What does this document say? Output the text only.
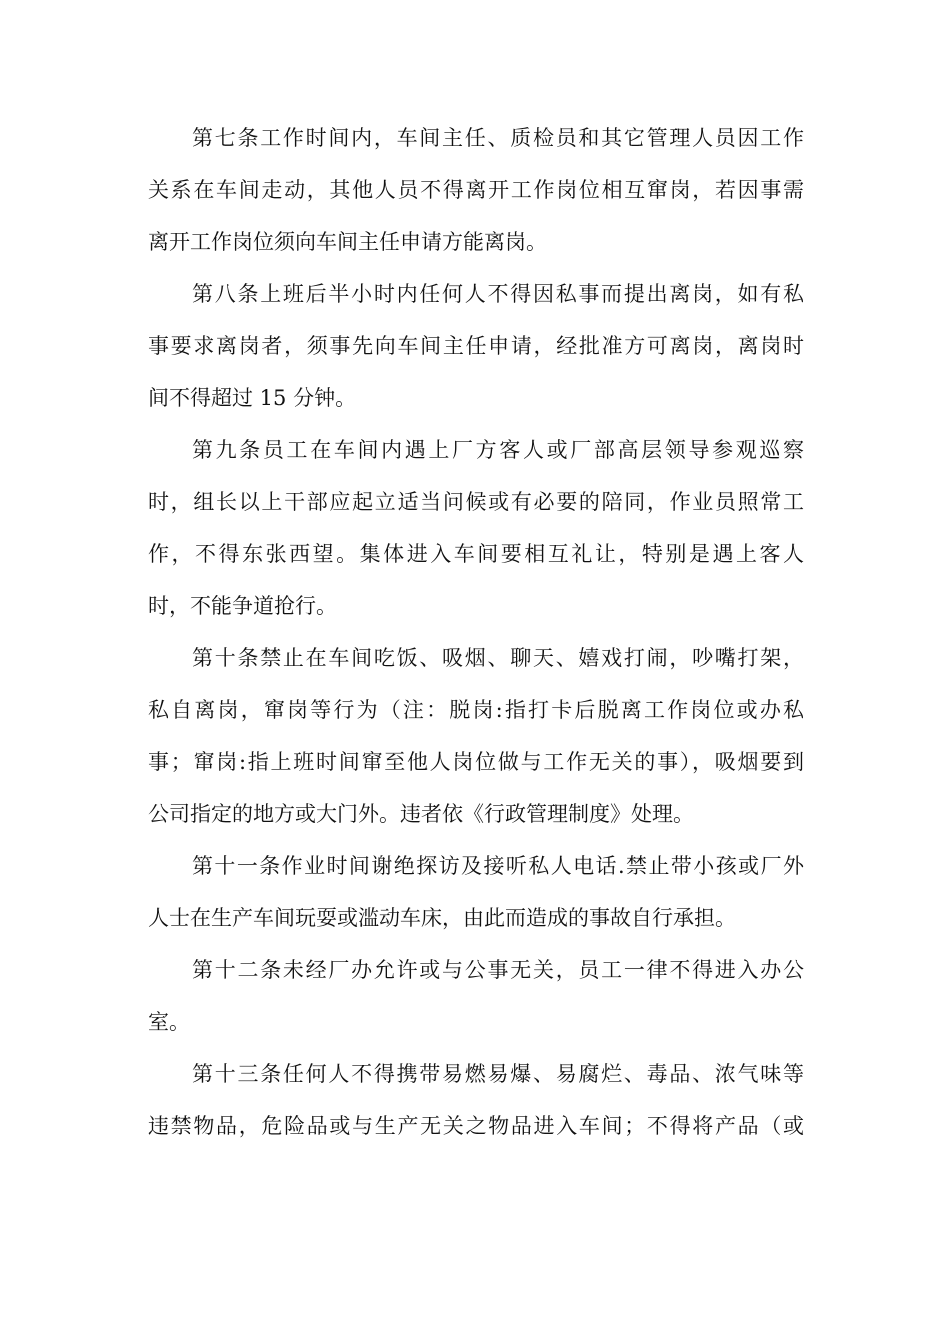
第七条工作时间内，车间主任、质检员和其它管理人员因工作
关系在车间走动，其他人员不得离开工作岗位相互窜岗，若因事需
离开工作岗位须向车间主任申请方能离岗。
第八条上班后半小时内任何人不得因私事而提出离岗，如有私
事要求离岗者，须事先向车间主任申请，经批准方可离岗，离岗时
间不得超过 15 分钟。
第九条员工在车间内遇上厂方客人或厂部高层领导参观巡察
时，组长以上干部应起立适当问候或有必要的陪同，作业员照常工
作，不得东张西望。集体进入车间要相互礼让，特别是遇上客人
时，不能争道抢行。
第十条禁止在车间吃饭、吸烟、聊天、嬉戏打闹，吵嘴打架，
私自离岗，窜岗等行为（注：脱岗:指打卡后脱离工作岗位或办私
事；窜岗:指上班时间窜至他人岗位做与工作无关的事），吸烟要到
公司指定的地方或大门外。违者依《行政管理制度》处理。
第十一条作业时间谢绝探访及接听私人电话.禁止带小孩或厂外
人士在生产车间玩耍或滥动车床，由此而造成的事故自行承担。
第十二条未经厂办允许或与公事无关，员工一律不得进入办公
室。
第十三条任何人不得携带易燃易爆、易腐烂、毒品、浓气味等
违禁物品，危险品或与生产无关之物品进入车间；不得将产品（或
